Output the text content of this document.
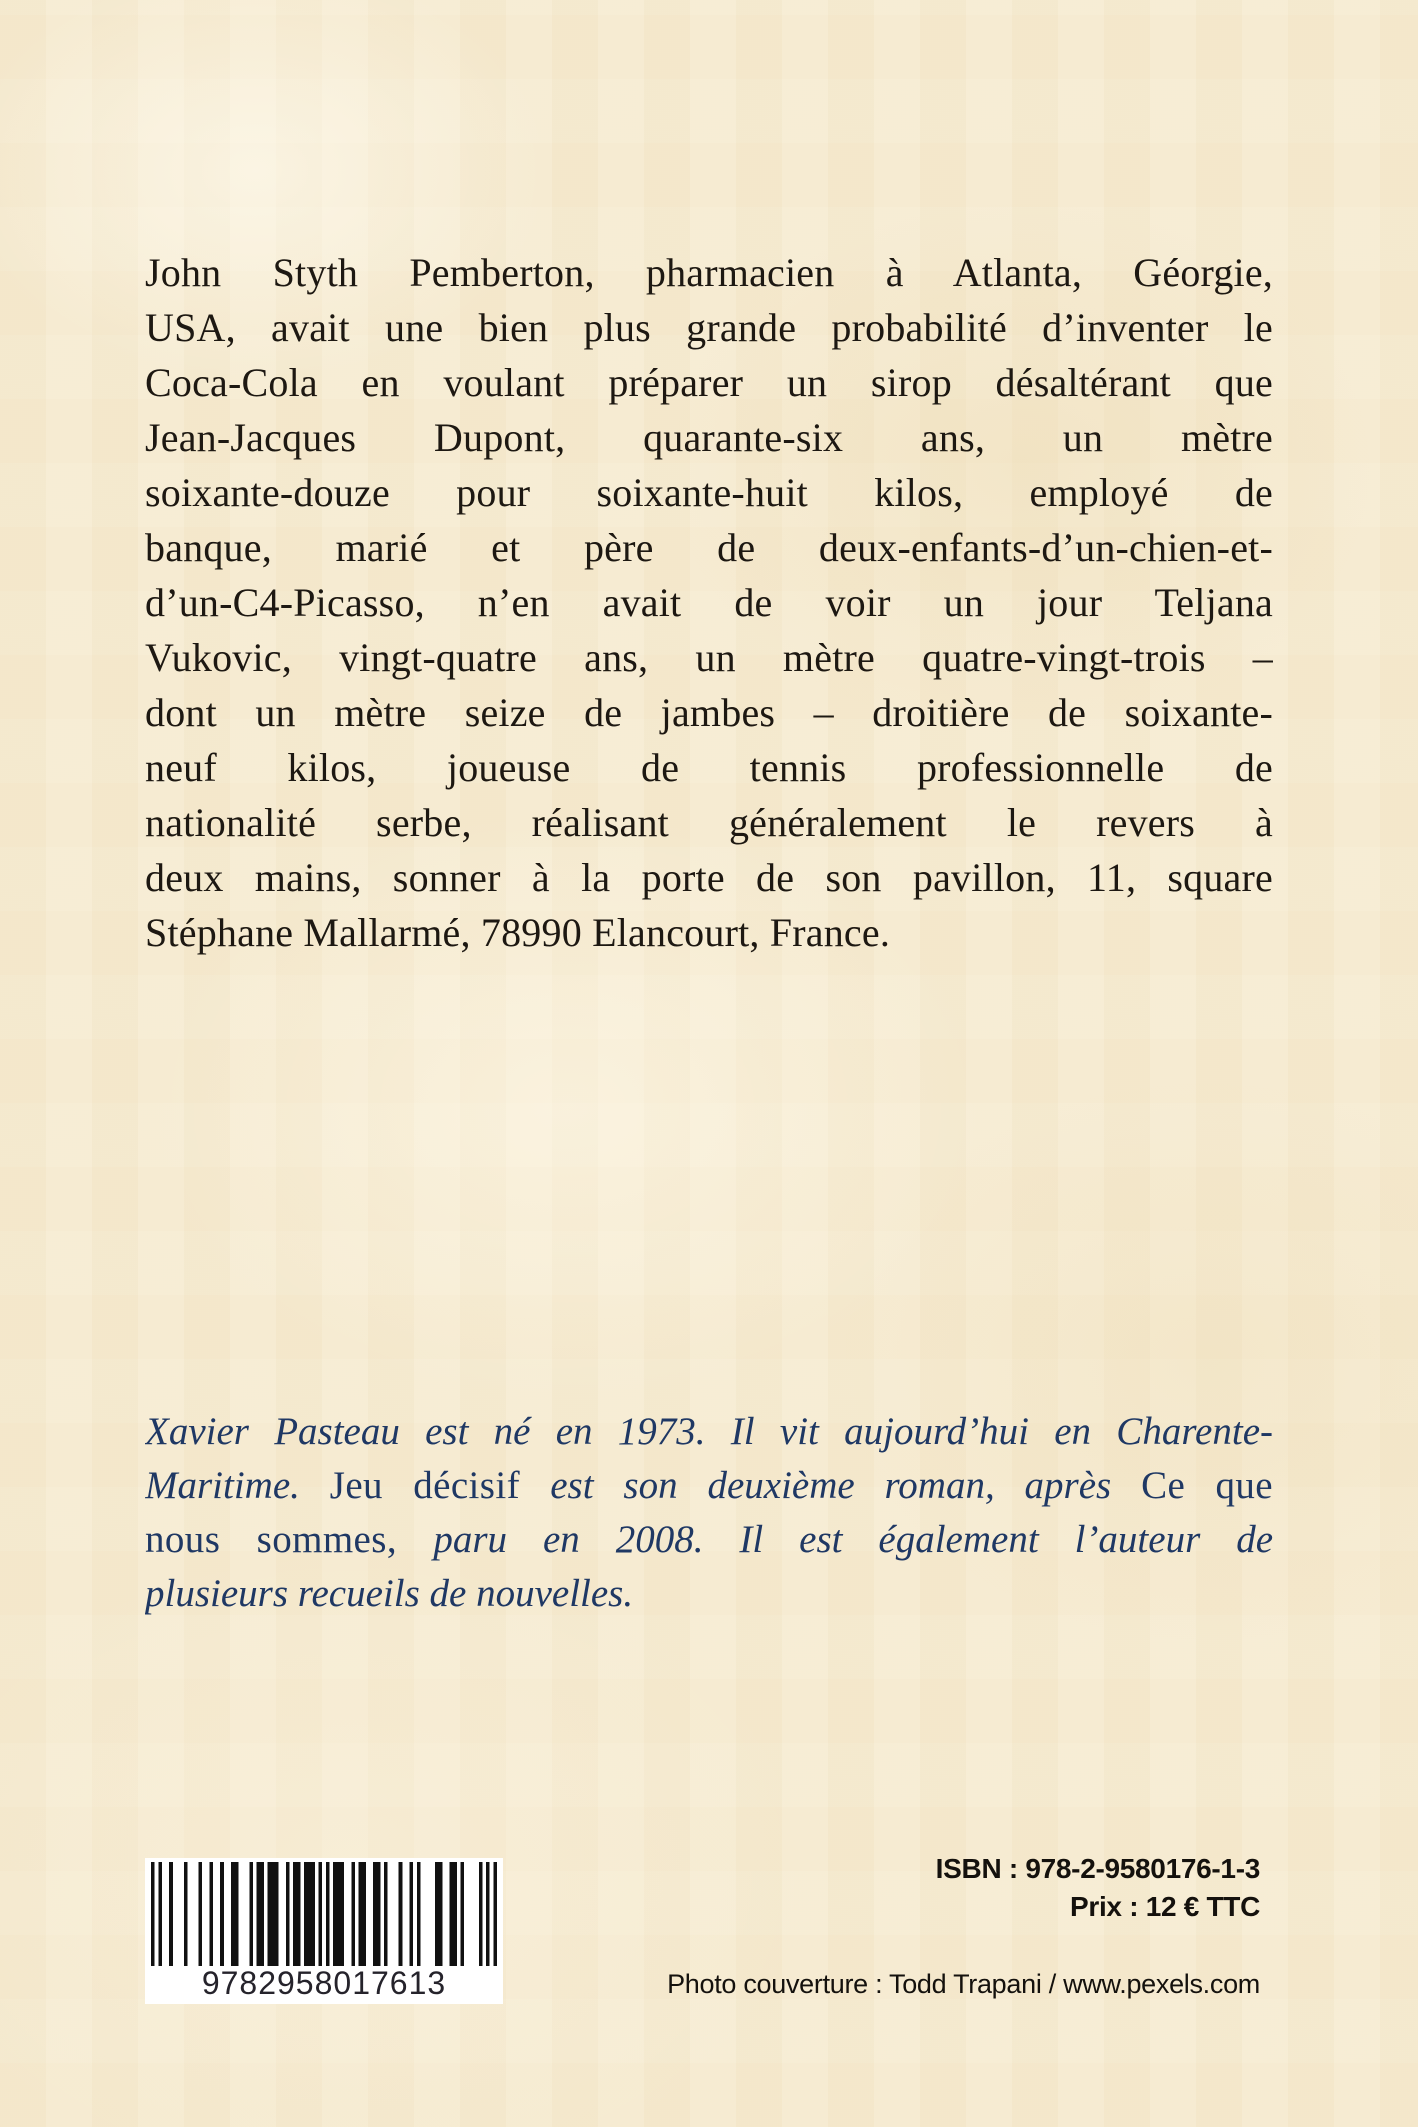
John Styth Pemberton, pharmacien à Atlanta, Géorgie,
USA, avait une bien plus grande probabilité d’inventer le
Coca-Cola en voulant préparer un sirop désaltérant que
Jean-Jacques Dupont, quarante-six ans, un mètre
soixante-douze pour soixante-huit kilos, employé de
banque, marié et père de deux-enfants-d’un-chien-et-
d’un-C4-Picasso, n’en avait de voir un jour Teljana
Vukovic, vingt-quatre ans, un mètre quatre-vingt-trois –
dont un mètre seize de jambes – droitière de soixante-
neuf kilos, joueuse de tennis professionnelle de
nationalité serbe, réalisant généralement le revers à
deux mains, sonner à la porte de son pavillon, 11, square
Stéphane Mallarmé, 78990 Elancourt, France.
Xavier Pasteau est né en 1973. Il vit aujourd’hui en Charente-
Maritime. Jeu décisif est son deuxième roman, après Ce que
nous sommes, paru en 2008. Il est également l’auteur de
plusieurs recueils de nouvelles.
9782958017613
ISBN : 978-2-9580176-1-3
Prix : 12 € TTC
Photo couverture : Todd Trapani / www.pexels.com
